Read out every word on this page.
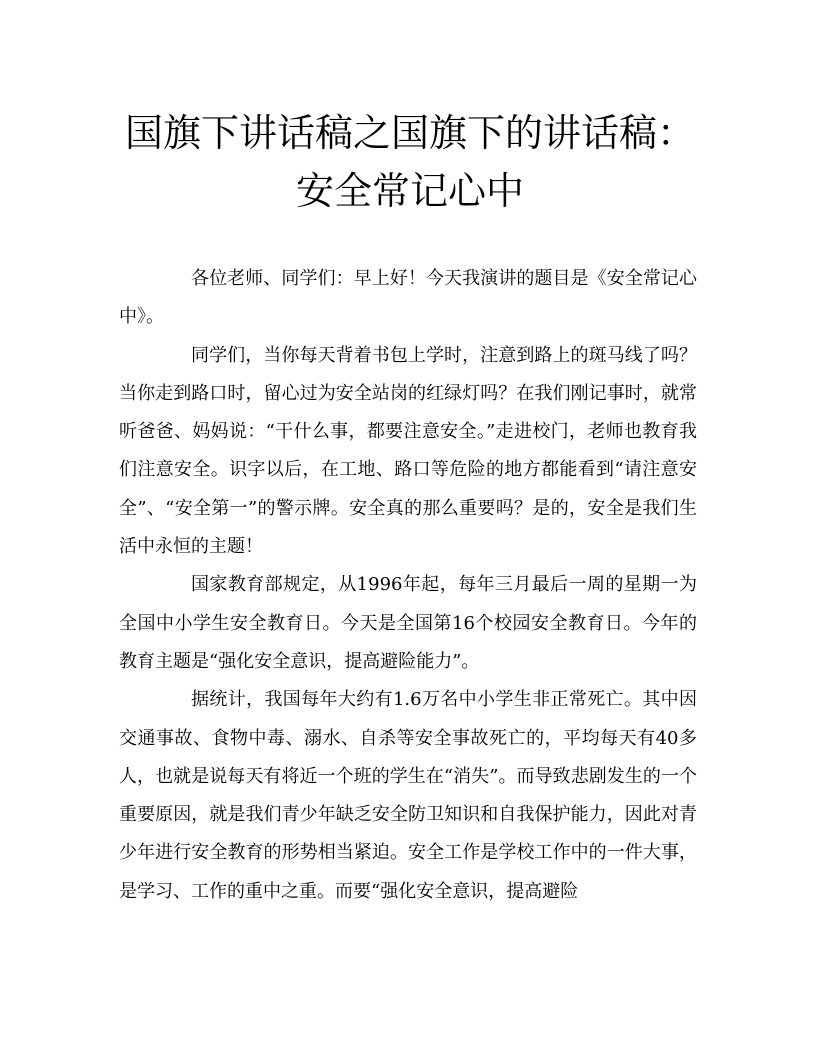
国旗下讲话稿之国旗下的讲话稿：安全常记心中

各位老师、同学们：早上好！今天我演讲的题目是《安全常记心中》。

同学们，当你每天背着书包上学时，注意到路上的斑马线了吗？当你走到路口时，留心过为安全站岗的红绿灯吗？在我们刚记事时，就常听爸爸、妈妈说：“干什么事，都要注意安全。”走进校门，老师也教育我们注意安全。识字以后，在工地、路口等危险的地方都能看到“请注意安全”、“安全第一”的警示牌。安全真的那么重要吗？是的，安全是我们生活中永恒的主题！

国家教育部规定，从1996年起，每年三月最后一周的星期一为全国中小学生安全教育日。今天是全国第16个校园安全教育日。今年的教育主题是“强化安全意识，提高避险能力”。

据统计，我国每年大约有1.6万名中小学生非正常死亡。其中因交通事故、食物中毒、溺水、自杀等安全事故死亡的，平均每天有40多人，也就是说每天有将近一个班的学生在“消失”。而导致悲剧发生的一个重要原因，就是我们青少年缺乏安全防卫知识和自我保护能力，因此对青少年进行安全教育的形势相当紧迫。安全工作是学校工作中的一件大事，是学习、工作的重中之重。而要“强化安全意识，提高避险
